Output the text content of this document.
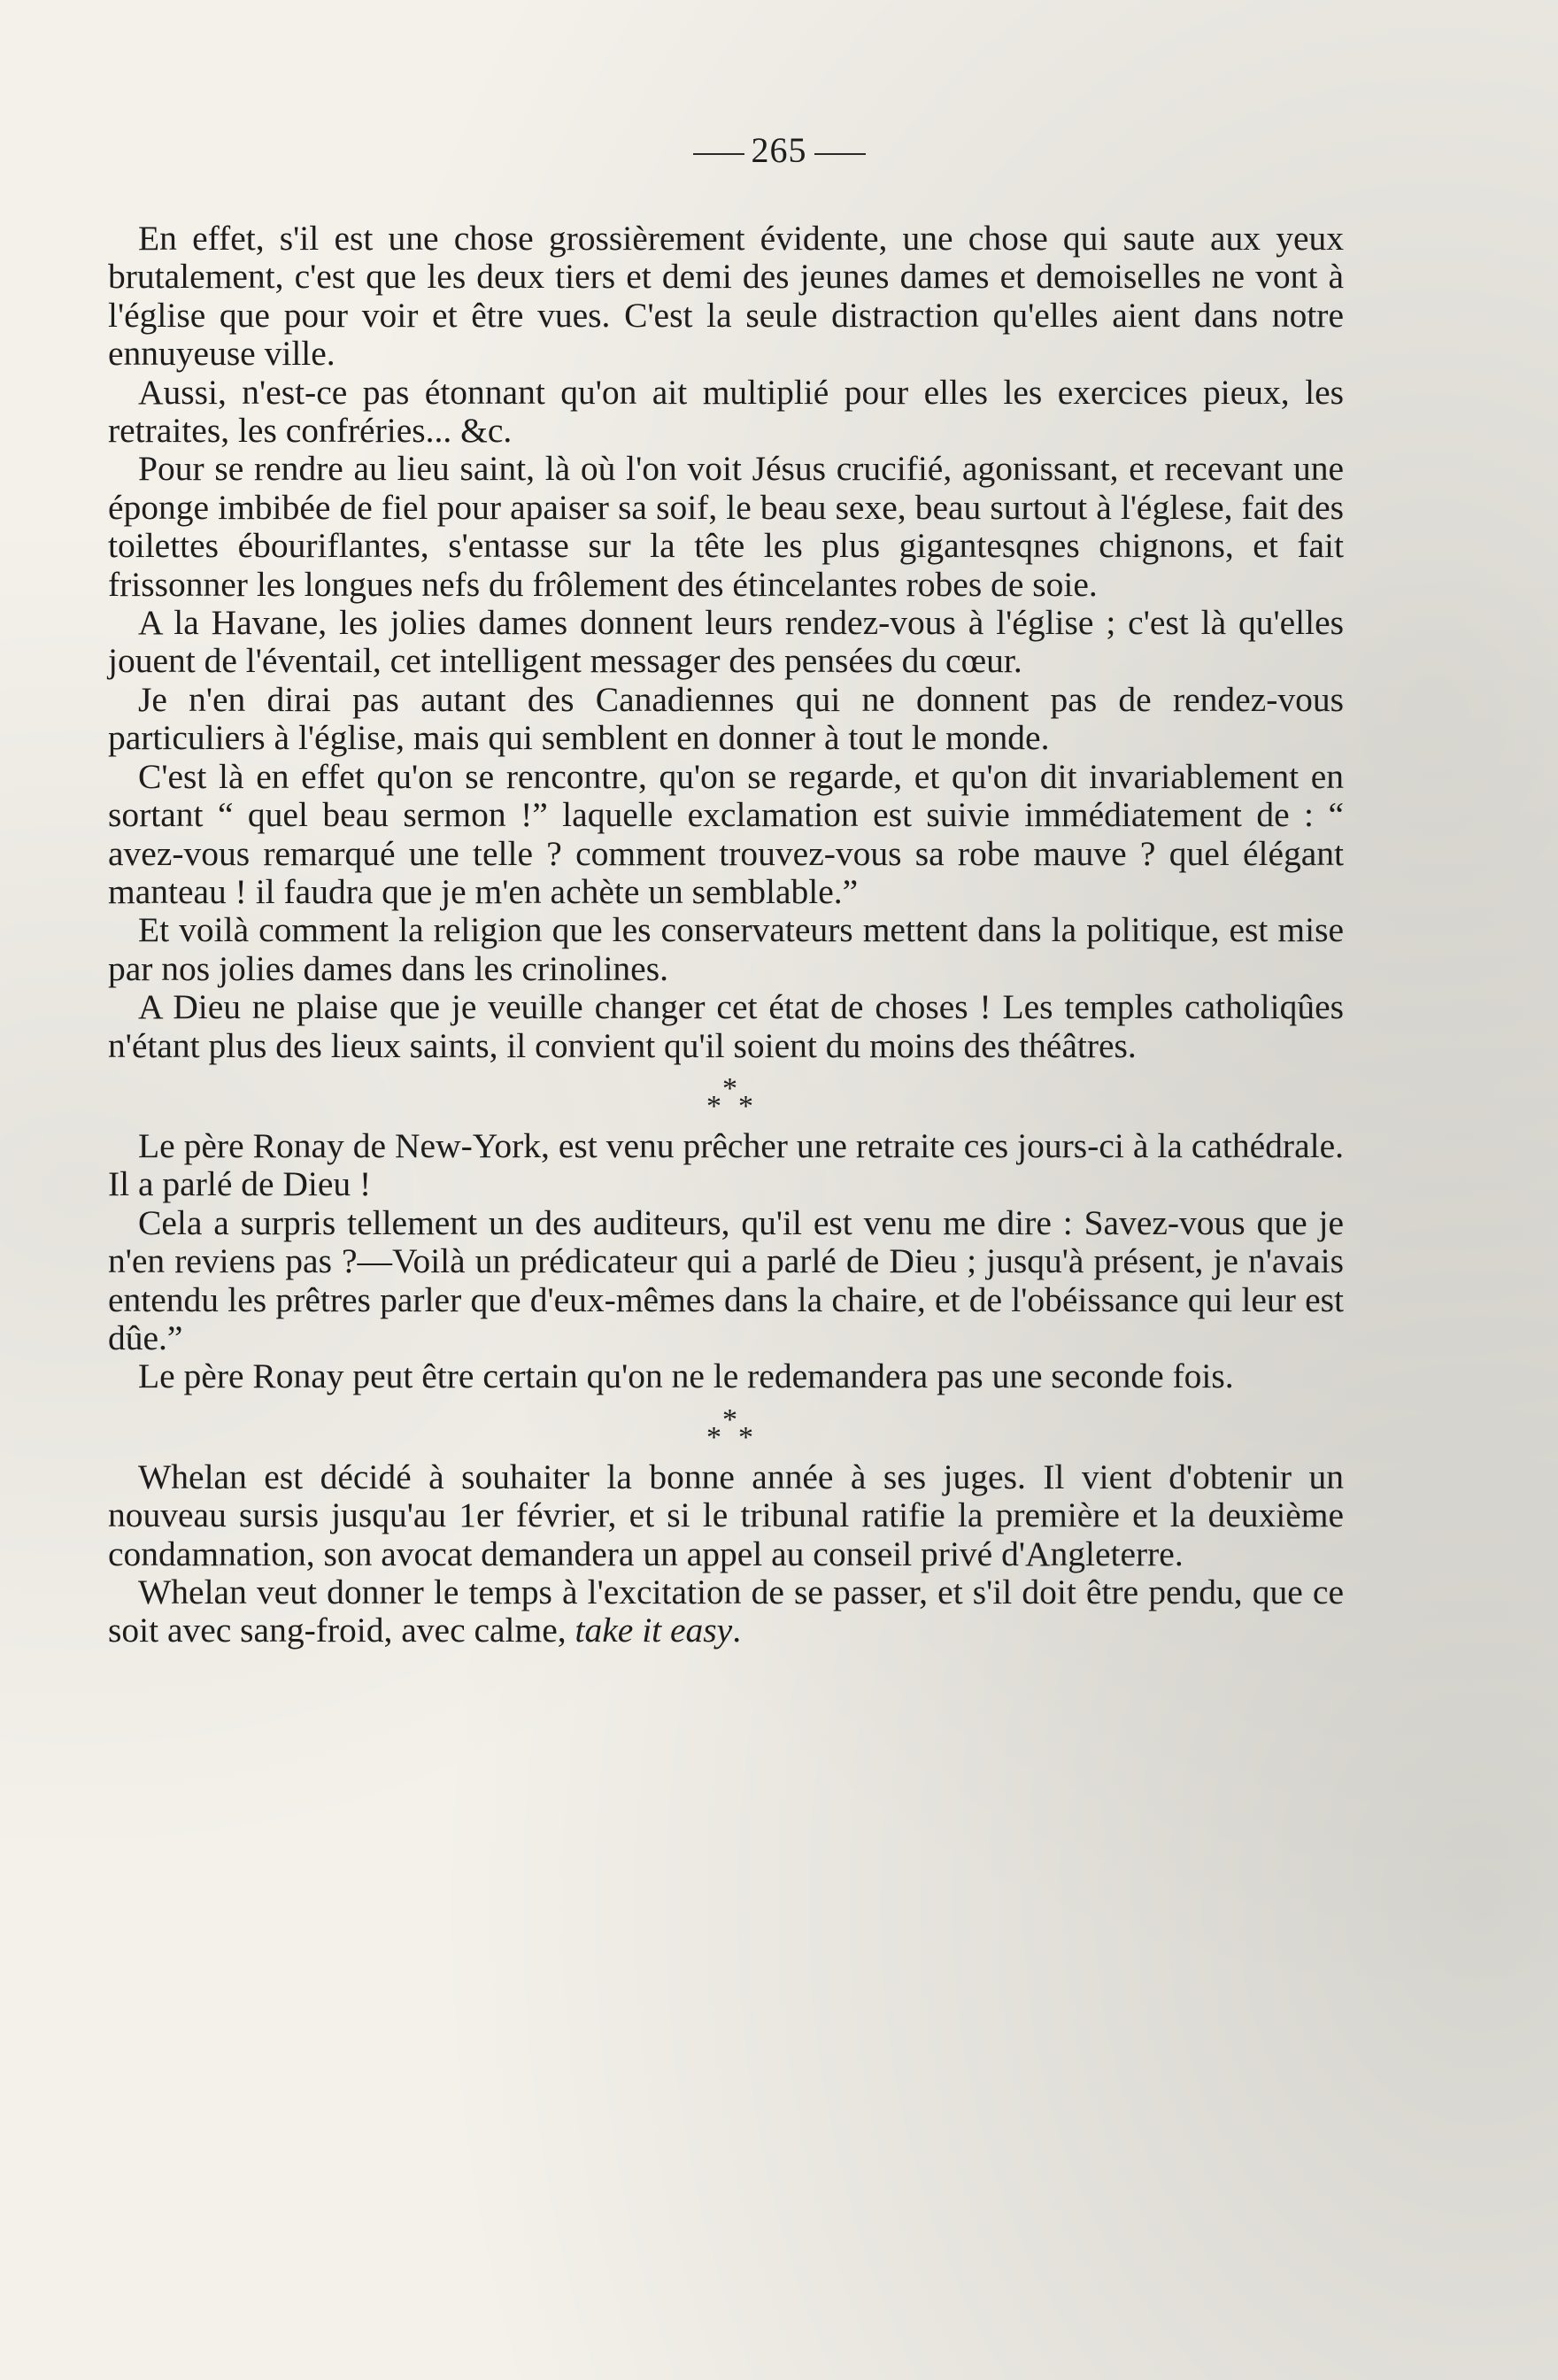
265

En effet, s'il est une chose grossièrement évidente, une chose qui saute aux yeux brutalement, c'est que les deux tiers et demi des jeunes dames et demoiselles ne vont à l'église que pour voir et être vues. C'est la seule distraction qu'elles aient dans notre ennuyeuse ville.

Aussi, n'est-ce pas étonnant qu'on ait multiplié pour elles les exercices pieux, les retraites, les confréries... &c.

Pour se rendre au lieu saint, là où l'on voit Jésus crucifié, agonissant, et recevant une éponge imbibée de fiel pour apaiser sa soif, le beau sexe, beau surtout à l'églese, fait des toilettes ébouriflantes, s'entasse sur la tête les plus gigantesqnes chignons, et fait frissonner les longues nefs du frôlement des étincelantes robes de soie.

A la Havane, les jolies dames donnent leurs rendez-vous à l'église ; c'est là qu'elles jouent de l'éventail, cet intelligent messager des pensées du cœur.

Je n'en dirai pas autant des Canadiennes qui ne donnent pas de rendez-vous particuliers à l'église, mais qui semblent en donner à tout le monde.

C'est là en effet qu'on se rencontre, qu'on se regarde, et qu'on dit invariablement en sortant “ quel beau sermon !” laquelle exclamation est suivie immédiatement de : “ avez-vous remarqué une telle ? comment trouvez-vous sa robe mauve ? quel élégant manteau ! il faudra que je m'en achète un semblable.”

Et voilà comment la religion que les conservateurs mettent dans la politique, est mise par nos jolies dames dans les crinolines.

A Dieu ne plaise que je veuille changer cet état de choses ! Les temples catholiqûes n'étant plus des lieux saints, il convient qu'il soient du moins des théâtres.

*
* *

Le père Ronay de New-York, est venu prêcher une retraite ces jours-ci à la cathédrale. Il a parlé de Dieu !

Cela a surpris tellement un des auditeurs, qu'il est venu me dire : Savez-vous que je n'en reviens pas ?—Voilà un prédicateur qui a parlé de Dieu ; jusqu'à présent, je n'avais entendu les prêtres parler que d'eux-mêmes dans la chaire, et de l'obéissance qui leur est dûe.”

Le père Ronay peut être certain qu'on ne le redemandera pas une seconde fois.

*
* *

Whelan est décidé à souhaiter la bonne année à ses juges. Il vient d'obtenir un nouveau sursis jusqu'au 1er février, et si le tribunal ratifie la première et la deuxième condamnation, son avocat demandera un appel au conseil privé d'Angleterre.

Whelan veut donner le temps à l'excitation de se passer, et s'il doit être pendu, que ce soit avec sang-froid, avec calme, take it easy.
